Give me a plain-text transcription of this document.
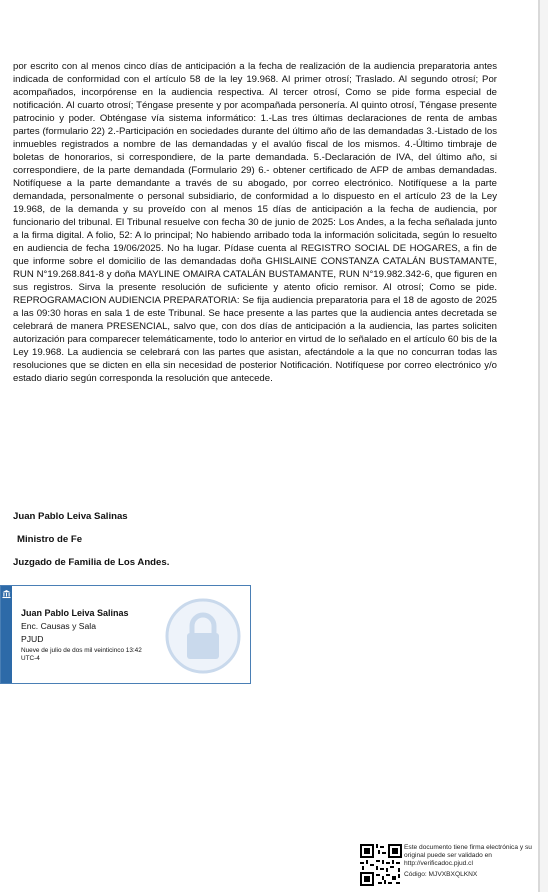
por escrito con al menos cinco días de anticipación a la fecha de realización de la audiencia preparatoria antes indicada de conformidad con el artículo 58 de la ley 19.968. Al primer otrosí; Traslado. Al segundo otrosí; Por acompañados, incorpórense en la audiencia respectiva. Al tercer otrosí, Como se pide forma especial de notificación. Al cuarto otrosí; Téngase presente y por acompañada personería. Al quinto otrosí, Téngase presente patrocinio y poder. Obténgase vía sistema informático: 1.-Las tres últimas declaraciones de renta de ambas partes (formulario 22) 2.-Participación en sociedades durante del último año de las demandadas 3.-Listado de los inmuebles registrados a nombre de las demandadas y el avalúo fiscal de los mismos. 4.-Último timbraje de boletas de honorarios, si correspondiere, de la parte demandada. 5.-Declaración de IVA, del último año, si correspondiere, de la parte demandada (Formulario 29) 6.- obtener certificado de AFP de ambas demandadas. Notifíquese a la parte demandante a través de su abogado, por correo electrónico. Notifíquese a la parte demandada, personalmente o personal subsidiario, de conformidad a lo dispuesto en el artículo 23 de la Ley 19.968, de la demanda y su proveído con al menos 15 días de anticipación a la fecha de audiencia, por funcionario del tribunal. El Tribunal resuelve con fecha 30 de junio de 2025: Los Andes, a la fecha señalada junto a la firma digital. A folio, 52: A lo principal; No habiendo arribado toda la información solicitada, según lo resuelto en audiencia de fecha 19/06/2025. No ha lugar. Pídase cuenta al REGISTRO SOCIAL DE HOGARES, a fin de que informe sobre el domicilio de las demandadas doña GHISLAINE CONSTANZA CATALÁN BUSTAMANTE, RUN N°19.268.841-8 y doña MAYLINE OMAIRA CATALÁN BUSTAMANTE, RUN N°19.982.342-6, que figuren en sus registros. Sirva la presente resolución de suficiente y atento oficio remisor. Al otrosí; Como se pide. REPROGRAMACION AUDIENCIA PREPARATORIA: Se fija audiencia preparatoria para el 18 de agosto de 2025 a las 09:30 horas en sala 1 de este Tribunal. Se hace presente a las partes que la audiencia antes decretada se celebrará de manera PRESENCIAL, salvo que, con dos días de anticipación a la audiencia, las partes soliciten autorización para comparecer telemáticamente, todo lo anterior en virtud de lo señalado en el artículo 60 bis de la Ley 19.968. La audiencia se celebrará con las partes que asistan, afectándole a la que no concurran todas las resoluciones que se dicten en ella sin necesidad de posterior Notificación. Notifíquese por correo electrónico y/o estado diario según corresponda la resolución que antecede.

Juan Pablo Leiva Salinas
Ministro de Fe
Juzgado de Familia de Los Andes.
Juan Pablo Leiva Salinas
Enc. Causas y Sala
PJUD
Nueve de julio de dos mil veinticinco 13:42 UTC-4
Este documento tiene firma electrónica y su original puede ser validado en http://verificadoc.pjud.cl
Código: MJVXBXQLKNX
